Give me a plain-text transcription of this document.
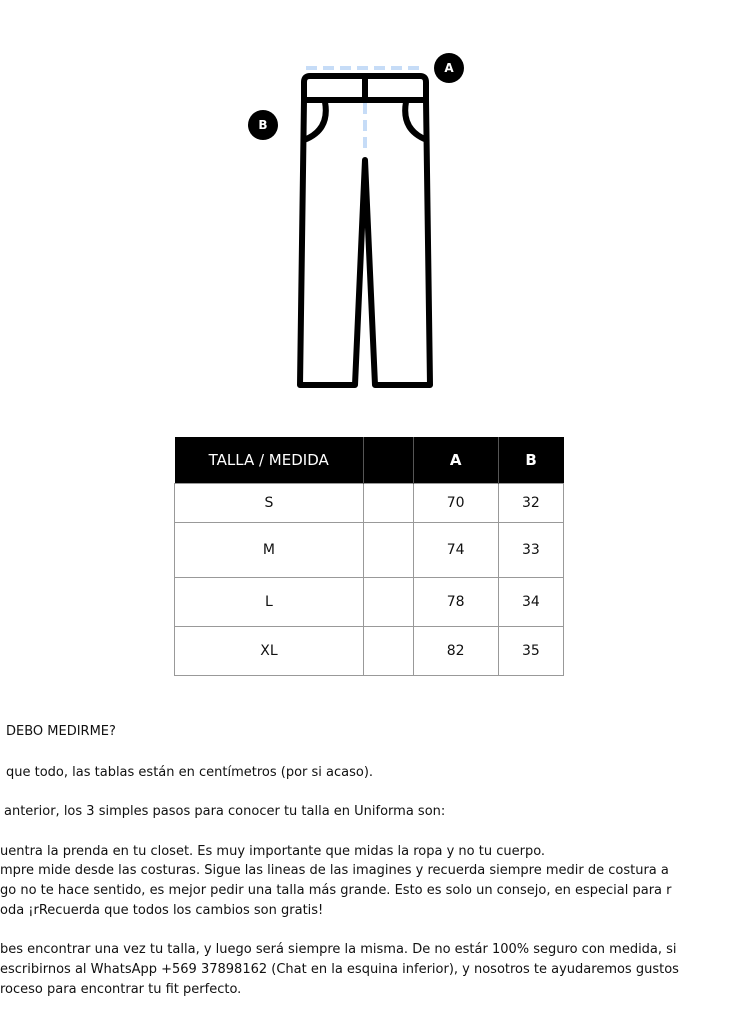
A
B
TALLA / MEDIDA		A	B
S		70	32
M		74	33
L		78	34
XL		82	35
DEBO MEDIRME?
que todo, las tablas están en centímetros (por si acaso).
anterior, los 3 simples pasos para conocer tu talla en Uniforma son:
uentra la prenda en tu closet. Es muy importante que midas la ropa y no tu cuerpo.
mpre mide desde las costuras. Sigue las lineas de las imagines y recuerda siempre medir de costura a
go no te hace sentido, es mejor pedir una talla más grande. Esto es solo un consejo, en especial para r
oda ¡rRecuerda que todos los cambios son gratis!
bes encontrar una vez tu talla, y luego será siempre la misma. De no estár 100% seguro con medida, si
escribirnos al WhatsApp +569 37898162 (Chat en la esquina inferior), y nosotros te ayudaremos gustos
roceso para encontrar tu fit perfecto.
